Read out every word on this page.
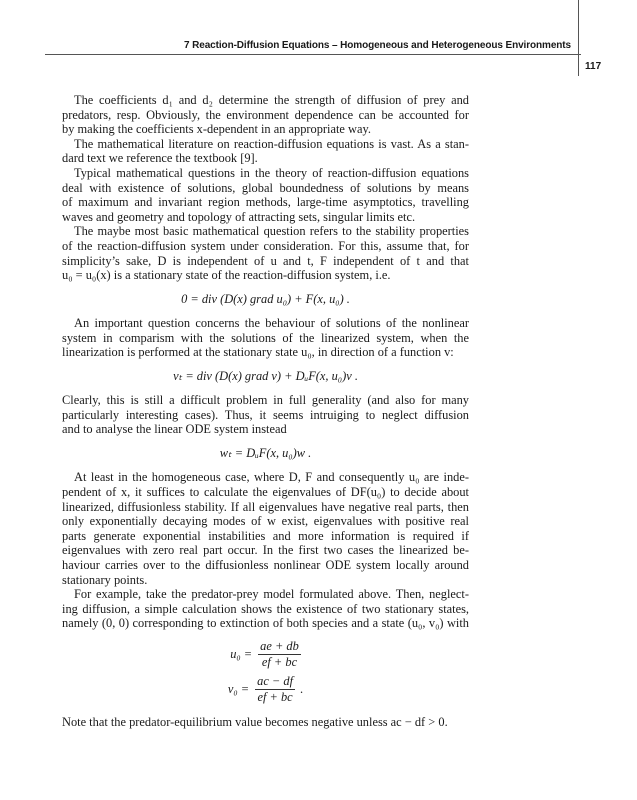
7 Reaction-Diffusion Equations – Homogeneous and Heterogeneous Environments
117
The coefficients d₁ and d₂ determine the strength of diffusion of prey and
predators, resp. Obviously, the environment dependence can be accounted for
by making the coefficients x-dependent in an appropriate way.
The mathematical literature on reaction-diffusion equations is vast. As a stan-
dard text we reference the textbook [9].
Typical mathematical questions in the theory of reaction-diffusion equations
deal with existence of solutions, global boundedness of solutions by means
of maximum and invariant region methods, large-time asymptotics, travelling
waves and geometry and topology of attracting sets, singular limits etc.
The maybe most basic mathematical question refers to the stability properties
of the reaction-diffusion system under consideration. For this, assume that, for
simplicity’s sake, D is independent of u and t, F independent of t and that
u₀ = u₀(x) is a stationary state of the reaction-diffusion system, i.e.
0 = div (D(x) grad u₀) + F(x, u₀) .
An important question concerns the behaviour of solutions of the nonlinear
system in comparism with the solutions of the linearized system, when the
linearization is performed at the stationary state u₀, in direction of a function v:
vₜ = div (D(x) grad v) + DᵤF(x, u₀)v .
Clearly, this is still a difficult problem in full generality (and also for many
particularly interesting cases). Thus, it seems intruiging to neglect diffusion
and to analyse the linear ODE system instead
wₜ = DᵤF(x, u₀)w .
At least in the homogeneous case, where D, F and consequently u₀ are inde-
pendent of x, it suffices to calculate the eigenvalues of DF(u₀) to decide about
linearized, diffusionless stability. If all eigenvalues have negative real parts, then
only exponentially decaying modes of w exist, eigenvalues with positive real
parts generate exponential instabilities and more information is required if
eigenvalues with zero real part occur. In the first two cases the linearized be-
haviour carries over to the diffusionless nonlinear ODE system locally around
stationary points.
For example, take the predator-prey model formulated above. Then, neglect-
ing diffusion, a simple calculation shows the existence of two stationary states,
namely (0, 0) corresponding to extinction of both species and a state (u₀, v₀) with
$u_0 = \frac{ae + db}{ef + bc}$
$v_0 = \frac{ac - df}{ef + bc}$ .
Note that the predator-equilibrium value becomes negative unless ac − df > 0.
